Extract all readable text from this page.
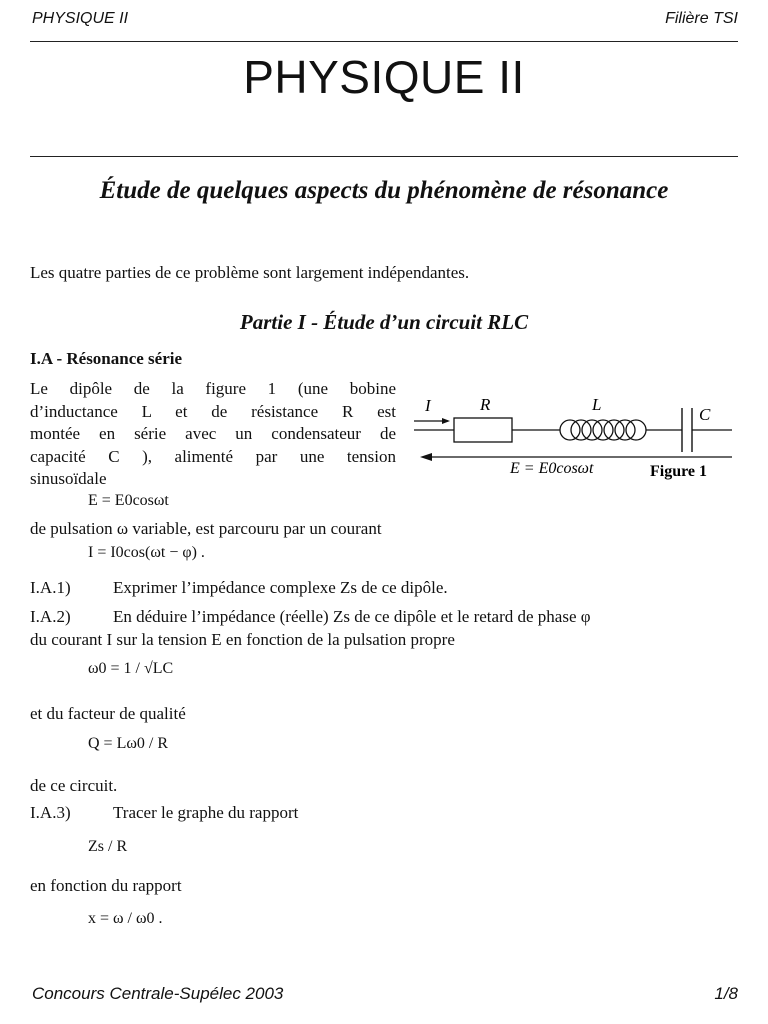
PHYSIQUE II	Filière TSI
PHYSIQUE II
Étude de quelques aspects du phénomène de résonance

Les quatre parties de ce problème sont largement indépendantes.

Partie I - Étude d’un circuit RLC
I.A - Résonance série
Le dipôle de la figure 1 (une bobine
d’inductance L et de résistance R est
montée en série avec un condensateur de
capacité C ), alimenté par une tension
sinusoïdale
I	R	L
C
E = E0cosωt	Figure 1
E = E0cosωt

de pulsation ω variable, est parcouru par un courant

I = I0cos(ωt − φ) .

I.A.1) Exprimer l’impédance complexe Zs de ce dipôle.

I.A.2) En déduire l’impédance (réelle) Zs de ce dipôle et le retard de phase φ

du courant I sur la tension E en fonction de la pulsation propre

ω0 = 1 / √LC

et du facteur de qualité

Q = Lω0 / R

de ce circuit.

I.A.3) Tracer le graphe du rapport

Zs / R

en fonction du rapport

x = ω / ω0 .
Concours Centrale-Supélec 2003	1/8
